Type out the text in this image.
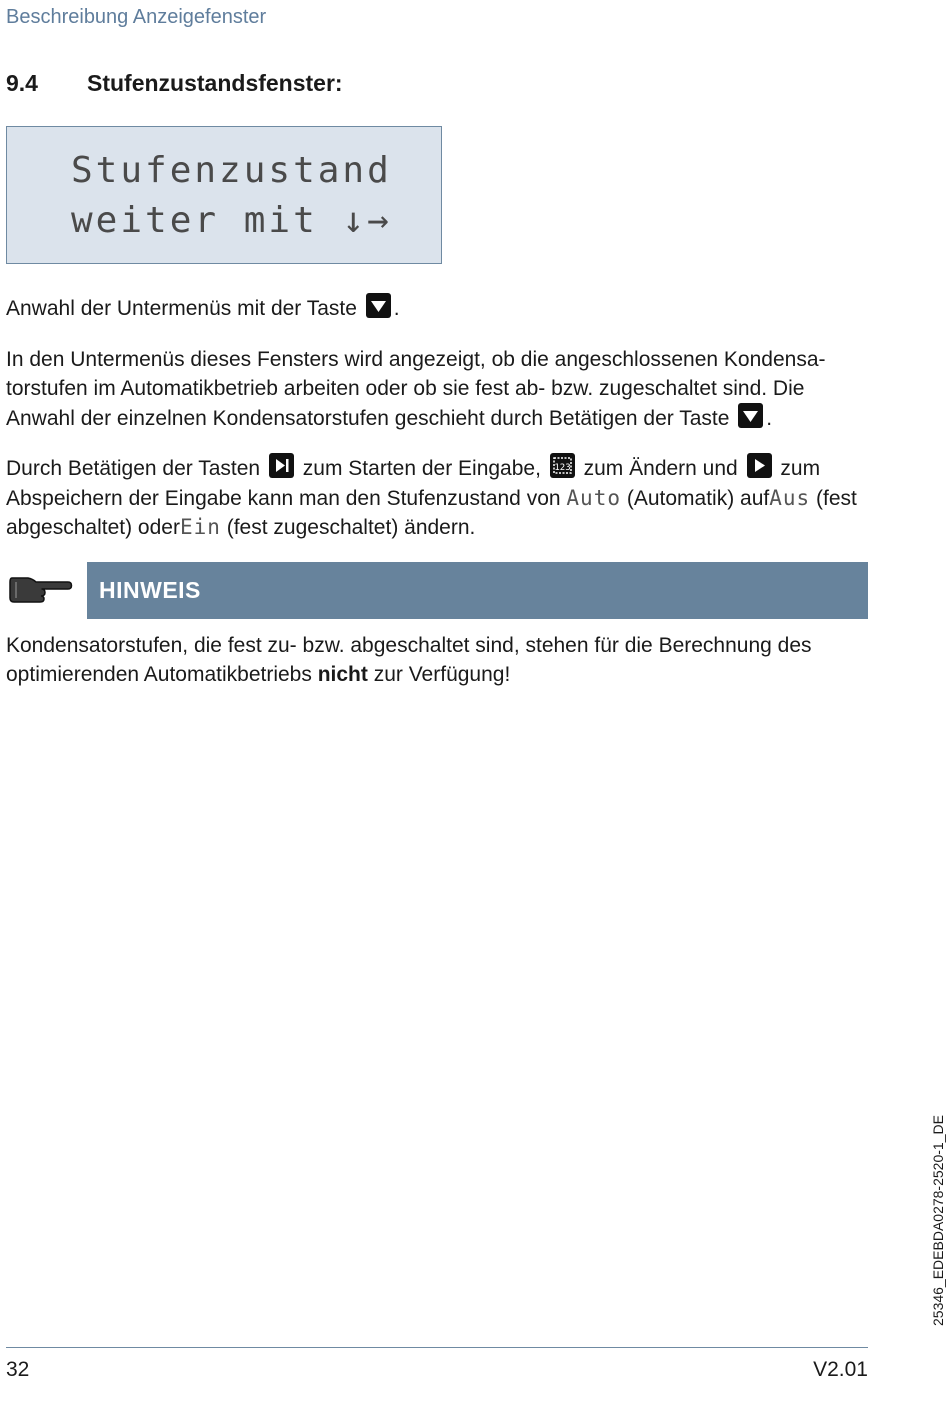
Beschreibung Anzeigefenster
9.4 Stufenzustandsfenster:
Stufenzustand
weiter mit ↓→
Anwahl der Untermenüs mit der Taste .
In den Untermenüs dieses Fensters wird angezeigt, ob die angeschlossenen Kondensa-torstufen im Automatikbetrieb arbeiten oder ob sie fest ab- bzw. zugeschaltet sind. Die Anwahl der einzelnen Kondensatorstufen geschieht durch Betätigen der Taste .
Durch Betätigen der Tasten zum Starten der Eingabe, 123 zum Ändern und zum Abspeichern der Eingabe kann man den Stufenzustand von Auto (Automatik) aufAus (fest abgeschaltet) oderEin (fest zugeschaltet) ändern.
HINWEIS
Kondensatorstufen, die fest zu- bzw. abgeschaltet sind, stehen für die Berechnung des optimierenden Automatikbetriebs nicht zur Verfügung!
25346_EDEBDA0278-2520-1_DE
32	V2.01
